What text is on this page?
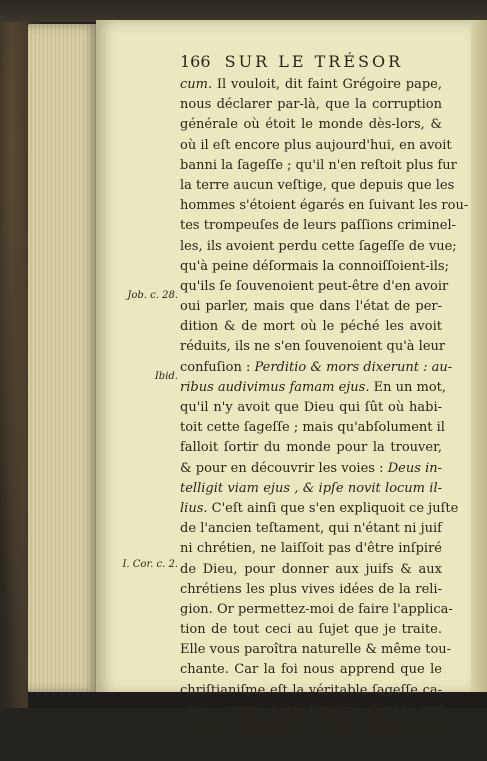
166 SUR LE TRÉSOR
Job. c. 28.
Ibid.
I. Cor. c. 2.
cum. Il vouloit, dit faint Grégoire pape,
nous déclarer par-là, que la corruption
générale où étoit le monde dès-lors, &
où il eſt encore plus aujourd'hui, en avoit
banni la ſageſſe ; qu'il n'en reſtoit plus fur
la terre aucun veſtige, que depuis que les
hommes s'étoient égarés en ſuivant les rou-
tes trompeuſes de leurs paſſions criminel-
les, ils avoient perdu cette ſageſſe de vue;
qu'à peine déſormais la connoiſſoient-ils;
qu'ils ſe ſouvenoient peut-être d'en avoir
oui parler, mais que dans l'état de per-
dition & de mort où le péché les avoit
réduits, ils ne s'en ſouvenoient qu'à leur
confuſion : Perditio & mors dixerunt : au-
ribus audivimus famam ejus. En un mot,
qu'il n'y avoit que Dieu qui ſût où habi-
toit cette ſageſſe ; mais qu'abſolument il
falloit ſortir du monde pour la trouver,
& pour en découvrir les voies : Deus in-
telligit viam ejus , & ipſe novit locum il-
lius. C'eſt ainſi que s'en expliquoit ce juſte
de l'ancien teſtament, qui n'étant ni juif
ni chrétien, ne laiſſoit pas d'être inſpiré
de Dieu, pour donner aux juifs & aux
chrétiens les plus vives idées de la reli-
gion. Or permettez-moi de faire l'applica-
tion de tout ceci au ſujet que je traite.
Elle vous paroîtra naturelle & même tou-
chante. Car la foi nous apprend que le
chriſtianiſme eſt la véritable ſageſſe ca-
chée, comme parle l'apôtre, dans le myſ-
tere de l'humilité d'un Dieu, Sapientiam
in myſterio quæ abſcondita eſt ; cette ſa-
